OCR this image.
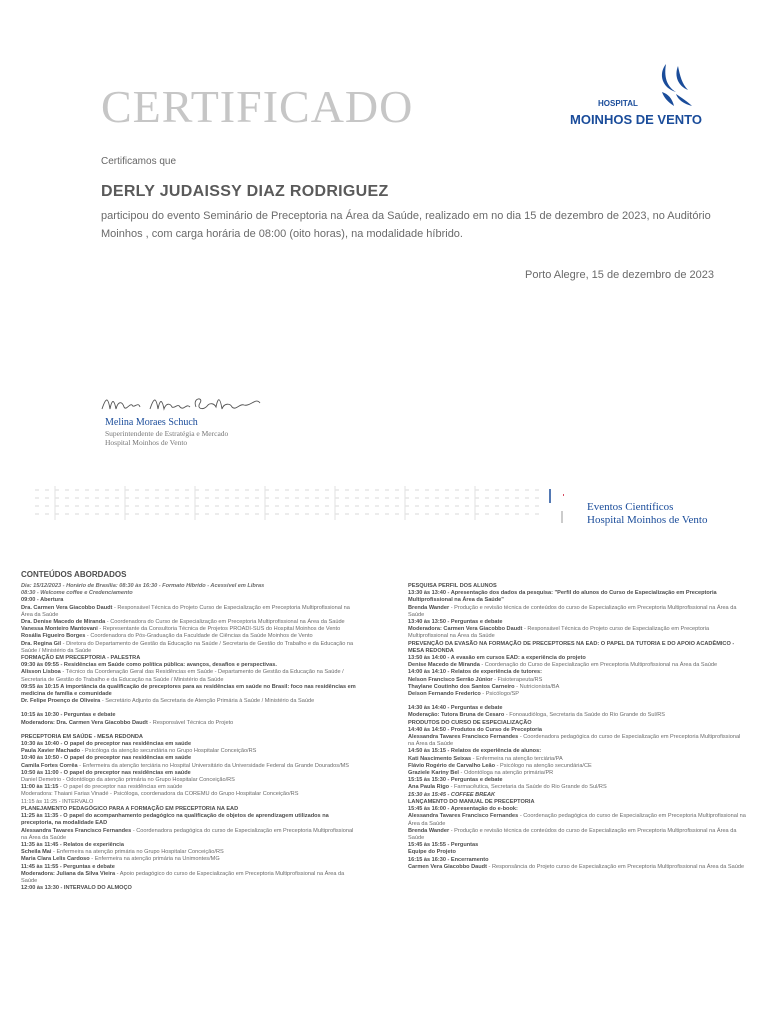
CERTIFICADO	HOSPITAL
MOINHOS DE VENTO
Certificamos que
DERLY JUDAISSY DIAZ RODRIGUEZ
participou do evento Seminário de Preceptoria na Área da Saúde, realizado em no dia 15 de dezembro de 2023, no Auditório Moinhos , com carga horária de 08:00 (oito horas), na modalidade híbrido.
Porto Alegre, 15 de dezembro de 2023
Melina Moraes Schuch
Superintendente de Estratégia e Mercado
Hospital Moinhos de Vento
Eventos Científicos
Hospital Moinhos de Vento
CONTEÚDOS ABORDADOS

Dia: 15/12/2023 - Horário de Brasília: 08:30 às 16:30 - Formato Híbrido - Acessível em Libras

08:30 - Welcome coffee e Credenciamento

09:00 - Abertura

Dra. Carmen Vera Giacobbo Daudt - Responsável Técnica do Projeto Curso de Especialização em Preceptoria Multiprofissional na Área da Saúde

Dra. Denise Macedo de Miranda - Coordenadora do Curso de Especialização em Preceptoria Multiprofissional na Área da Saúde

Vanessa Monteiro Mantovani - Representante da Consultoria Técnica de Projetos PROADI-SUS do Hospital Moinhos de Vento

Rosália Figueiro Borges - Coordenadora do Pós-Graduação da Faculdade de Ciências da Saúde Moinhos de Vento

Dra. Regina Gil - Diretora do Departamento de Gestão da Educação na Saúde / Secretaria de Gestão do Trabalho e da Educação na Saúde / Ministério da Saúde

FORMAÇÃO EM PRECEPTORIA - PALESTRA

09:30 às 09:55 - Residências em Saúde como política pública: avanços, desafios e perspectivas.

Alisson Lisboa - Técnico da Coordenação Geral das Residências em Saúde - Departamento de Gestão da Educação na Saúde / Secretaria de Gestão do Trabalho e da Educação na Saúde / Ministério da Saúde

09:55 às 10:15 A importância da qualificação de preceptores para as residências em saúde no Brasil: foco nas residências em medicina de família e comunidade

Dr. Felipe Proenço de Oliveira - Secretário Adjunto da Secretaria de Atenção Primária à Saúde / Ministério da Saúde

10:15 às 10:30 - Perguntas e debate

Moderadora: Dra. Carmen Vera Giacobbo Daudt - Responsável Técnica do Projeto

PRECEPTORIA EM SAÚDE - MESA REDONDA

10:30 às 10:40 - O papel do preceptor nas residências em saúde

Paula Xavier Machado - Psicóloga da atenção secundária no Grupo Hospitalar Conceição/RS

10:40 às 10:50 - O papel do preceptor nas residências em saúde

Camila Fortes Corrêa - Enfermeira da atenção terciária no Hospital Universitário da Universidade Federal da Grande Dourados/MS

10:50 às 11:00 - O papel do preceptor nas residências em saúde

Daniel Demetrio - Odontólogo da atenção primária no Grupo Hospitalar Conceição/RS

11:00 às 11:15 - O papel do preceptor nas residências em saúde

Moderadora: Thaiani Farias Vinadé - Psicóloga, coordenadora da COREMU do Grupo Hospitalar Conceição/RS

11:15 às 11:25 - INTERVALO

PLANEJAMENTO PEDAGÓGICO PARA A FORMAÇÃO EM PRECEPTORIA NA EAD

11:25 às 11:35 - O papel do acompanhamento pedagógico na qualificação de objetos de aprendizagem utilizados na preceptoria, na modalidade EAD

Alessandra Tavares Francisco Fernandes - Coordenadora pedagógica do curso de Especialização em Preceptoria Multiprofissional na Área da Saúde

11:35 às 11:45 - Relatos de experiência

Scheila Mai - Enfermeira na atenção primária no Grupo Hospitalar Conceição/RS

Maria Clara Lelis Cardoso - Enfermeira na atenção primária na Unimontes/MG

11:45 às 11:55 - Perguntas e debate

Moderadora: Juliana da Silva Vieira - Apoio pedagógico do curso de Especialização em Preceptoria Multiprofissional na Área da Saúde

12:00 às 13:30 - INTERVALO DO ALMOÇO

PESQUISA PERFIL DOS ALUNOS

13:30 às 13:40 - Apresentação dos dados da pesquisa: "Perfil do alunos do Curso de Especialização em Preceptoria Multiprofissional na Área da Saúde"

Brenda Wander - Produção e revisão técnica de conteúdos do curso de Especialização em Preceptoria Multiprofissional na Área da Saúde

13:40 às 13:50 - Perguntas e debate

Moderadora: Carmen Vera Giacobbo Daudt - Responsável Técnica do Projeto curso de Especialização em Preceptoria Multiprofissional na Área da Saúde

PREVENÇÃO DA EVASÃO NA FORMAÇÃO DE PRECEPTORES NA EAD: O PAPEL DA TUTORIA E DO APOIO ACADÊMICO - MESA REDONDA

13:50 às 14:00 - A evasão em cursos EAD: a experiência do projeto

Denise Macedo de Miranda - Coordenação do Curso de Especialização em Preceptoria Multiprofissional na Área da Saúde

14:00 às 14:10 - Relatos de experiência de tutores:

Nelson Francisco Serrão Júnior - Fisioterapeuta/RS

Thaylane Coutinho dos Santos Carneiro - Nutricionista/BA

Deison Fernando Frederico - Psicólogo/SP

14:30 às 14:40 - Perguntas e debate

Moderação: Tutora Bruna de Cesaro - Fonoaudióloga, Secretaria da Saúde do Rio Grande do Sul/RS

PRODUTOS DO CURSO DE ESPECIALIZAÇÃO

14:40 às 14:50 - Produtos do Curso de Preceptoria

Alessandra Tavares Francisco Fernandes - Coordenadora pedagógica do curso de Especialização em Preceptoria Multiprofissional na Área da Saúde

14:50 às 15:15 - Relatos de experiência de alunos:

Kati Nascimento Seixas - Enfermeira na atenção terciária/PA

Flávio Rogério de Carvalho Leão - Psicólogo na atenção secundária/CE

Graziele Kariny Bel - Odontóloga na atenção primária/PR

15:15 às 15:30 - Perguntas e debate

Ana Paula Rigo - Farmacêutica, Secretaria da Saúde do Rio Grande do Sul/RS

15:30 às 15:45 - COFFEE BREAK

LANÇAMENTO DO MANUAL DE PRECEPTORIA

15:45 às 16:00 - Apresentação do e-book:

Alessandra Tavares Francisco Fernandes - Coordenação pedagógica do curso de Especialização em Preceptoria Multiprofissional na Área da Saúde

Brenda Wander - Produção e revisão técnica de conteúdos do curso de Especialização em Preceptoria Multiprofissional na Área da Saúde

15:45 às 15:55 - Perguntas

Equipe do Projeto

16:15 às 16:30 - Encerramento

Carmen Vera Giacobbo Daudt - Responsância do Projeto curso de Especialização em Preceptoria Multiprofissional na Área da Saúde
